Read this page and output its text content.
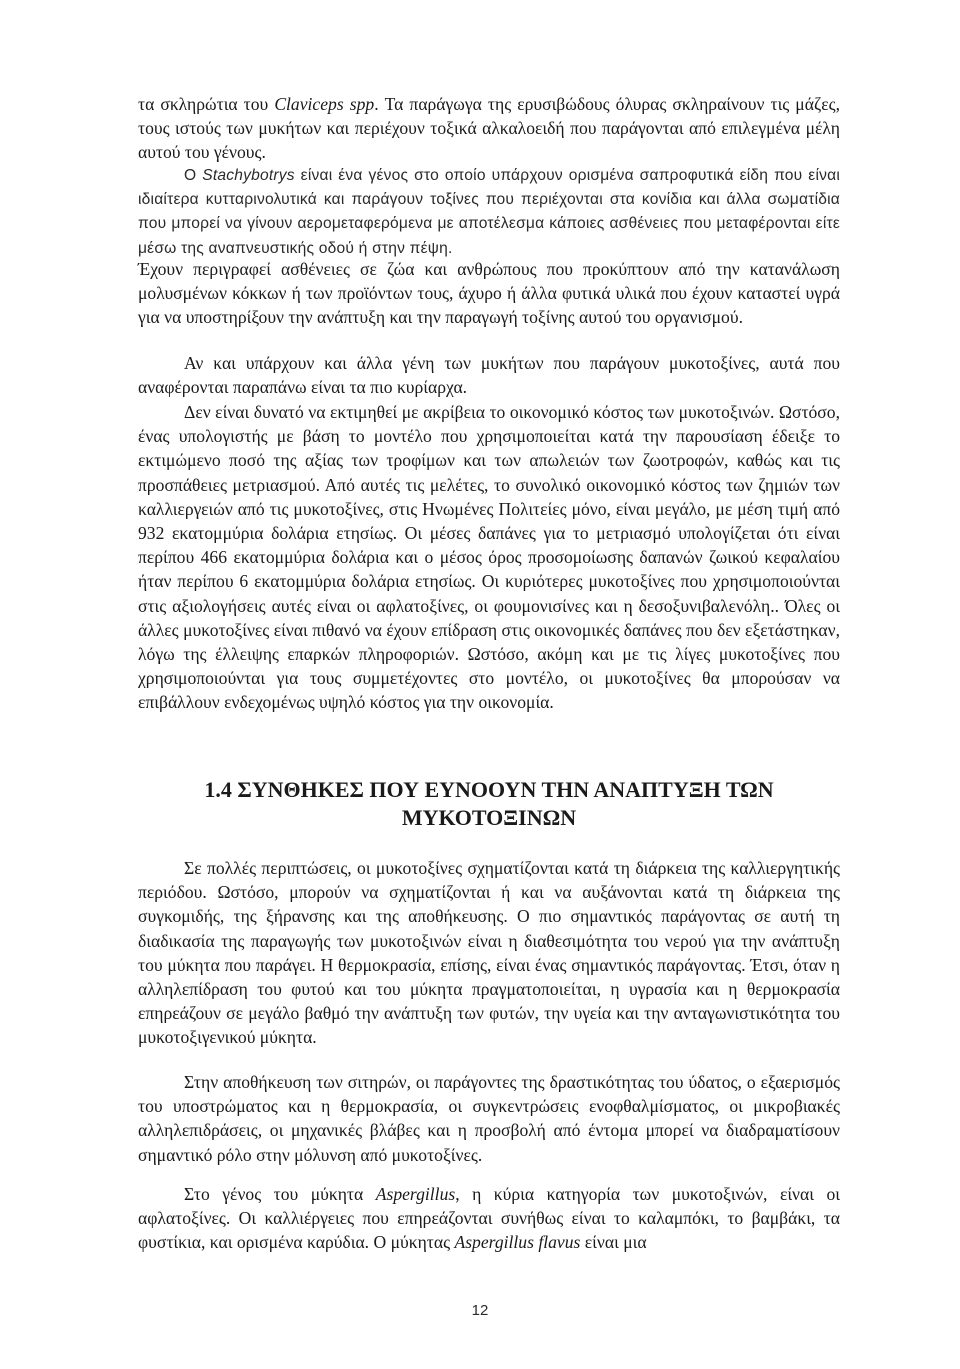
τα σκληρώτια του Claviceps spp. Τα παράγωγα της ερυσιβώδους όλυρας σκληραίνουν τις μάζες, τους ιστούς των μυκήτων και περιέχουν τοξικά αλκαλοειδή που παράγονται από επιλεγμένα μέλη αυτού του γένους.

Ο Stachybotrys είναι ένα γένος στο οποίο υπάρχουν ορισμένα σαπροφυτικά είδη που είναι ιδιαίτερα κυτταρινολυτικά και παράγουν τοξίνες που περιέχονται στα κονίδια και άλλα σωματίδια που μπορεί να γίνουν αερομεταφερόμενα με αποτέλεσμα κάποιες ασθένειες που μεταφέρονται είτε μέσω της αναπνευστικής οδού ή στην πέψη.

Έχουν περιγραφεί ασθένειες σε ζώα και ανθρώπους που προκύπτουν από την κατανάλωση μολυσμένων κόκκων ή των προϊόντων τους, άχυρο ή άλλα φυτικά υλικά που έχουν καταστεί υγρά για να υποστηρίξουν την ανάπτυξη και την παραγωγή τοξίνης αυτού του οργανισμού.

Αν και υπάρχουν και άλλα γένη των μυκήτων που παράγουν μυκοτοξίνες, αυτά που αναφέρονται παραπάνω είναι τα πιο κυρίαρχα.

Δεν είναι δυνατό να εκτιμηθεί με ακρίβεια το οικονομικό κόστος των μυκοτοξινών. Ωστόσο, ένας υπολογιστής με βάση το μοντέλο που χρησιμοποιείται κατά την παρουσίαση έδειξε το εκτιμώμενο ποσό της αξίας των τροφίμων και των απωλειών των ζωοτροφών, καθώς και τις προσπάθειες μετριασμού. Από αυτές τις μελέτες, το συνολικό οικονομικό κόστος των ζημιών των καλλιεργειών από τις μυκοτοξίνες, στις Ηνωμένες Πολιτείες μόνο, είναι μεγάλο, με μέση τιμή από 932 εκατομμύρια δολάρια ετησίως. Οι μέσες δαπάνες για το μετριασμό υπολογίζεται ότι είναι περίπου 466 εκατομμύρια δολάρια και ο μέσος όρος προσομοίωσης δαπανών ζωικού κεφαλαίου ήταν περίπου 6 εκατομμύρια δολάρια ετησίως. Οι κυριότερες μυκοτοξίνες που χρησιμοποιούνται στις αξιολογήσεις αυτές είναι οι αφλατοξίνες, οι φουμονισίνες και η δεσοξυνιβαλενόλη.. Όλες οι άλλες μυκοτοξίνες είναι πιθανό να έχουν επίδραση στις οικονομικές δαπάνες που δεν εξετάστηκαν, λόγω της έλλειψης επαρκών πληροφοριών. Ωστόσο, ακόμη και με τις λίγες μυκοτοξίνες που χρησιμοποιούνται για τους συμμετέχοντες στο μοντέλο, οι μυκοτοξίνες θα μπορούσαν να επιβάλλουν ενδεχομένως υψηλό κόστος για την οικονομία.

1.4 ΣΥΝΘΗΚΕΣ ΠΟΥ ΕΥΝΟΟΥΝ ΤΗΝ ΑΝΑΠΤΥΞΗ ΤΩΝ
ΜΥΚΟΤΟΞΙΝΩΝ

Σε πολλές περιπτώσεις, οι μυκοτοξίνες σχηματίζονται κατά τη διάρκεια της καλλιεργητικής περιόδου. Ωστόσο, μπορούν να σχηματίζονται ή και να αυξάνονται κατά τη διάρκεια της συγκομιδής, της ξήρανσης και της αποθήκευσης. Ο πιο σημαντικός παράγοντας σε αυτή τη διαδικασία της παραγωγής των μυκοτοξινών είναι η διαθεσιμότητα του νερού για την ανάπτυξη του μύκητα που παράγει. Η θερμοκρασία, επίσης, είναι ένας σημαντικός παράγοντας. Έτσι, όταν η αλληλεπίδραση του φυτού και του μύκητα πραγματοποιείται, η υγρασία και η θερμοκρασία επηρεάζουν σε μεγάλο βαθμό την ανάπτυξη των φυτών, την υγεία και την ανταγωνιστικότητα του μυκοτοξιγενικού μύκητα.

Στην αποθήκευση των σιτηρών, οι παράγοντες της δραστικότητας του ύδατος, ο εξαερισμός του υποστρώματος και η θερμοκρασία, οι συγκεντρώσεις ενοφθαλμίσματος, οι μικροβιακές αλληλεπιδράσεις, οι μηχανικές βλάβες και η προσβολή από έντομα μπορεί να διαδραματίσουν σημαντικό ρόλο στην μόλυνση από μυκοτοξίνες.

Στο γένος του μύκητα Aspergillus, η κύρια κατηγορία των μυκοτοξινών, είναι οι αφλατοξίνες. Οι καλλιέργειες που επηρεάζονται συνήθως είναι το καλαμπόκι, το βαμβάκι, τα φυστίκια, και ορισμένα καρύδια. Ο μύκητας Aspergillus flavus είναι μια

12
